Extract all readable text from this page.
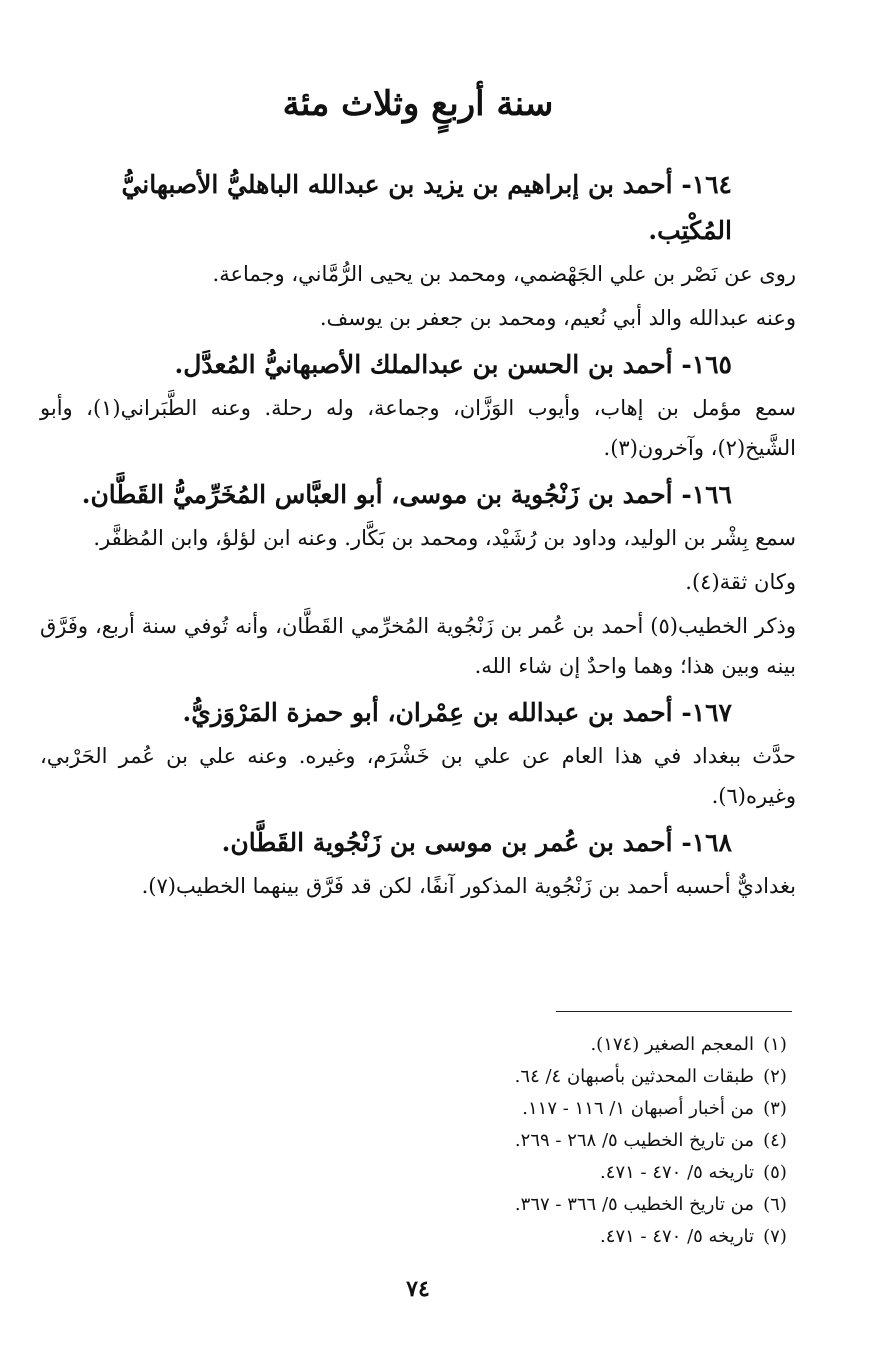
سنة أربعٍ وثلاث مئة

١٦٤- أحمد بن إبراهيم بن يزيد بن عبدالله الباهليُّ الأصبهانيُّ المُكْتِب.

روى عن نَصْر بن علي الجَهْضمي، ومحمد بن يحيى الرُّمَّاني، وجماعة.

وعنه عبدالله والد أبي نُعيم، ومحمد بن جعفر بن يوسف.

١٦٥- أحمد بن الحسن بن عبدالملك الأصبهانيُّ المُعدَّل.

سمع مؤمل بن إهاب، وأيوب الوَزَّان، وجماعة، وله رحلة. وعنه الطَّبَراني(١)، وأبو الشَّيخ(٢)، وآخرون(٣).

١٦٦- أحمد بن زَنْجُوية بن موسى، أبو العبَّاس المُخَرِّميُّ القَطَّان.

سمع بِشْر بن الوليد، وداود بن رُشَيْد، ومحمد بن بَكَّار. وعنه ابن لؤلؤ، وابن المُظفَّر.

وكان ثقة(٤).

وذكر الخطيب(٥) أحمد بن عُمر بن زَنْجُوية المُخرِّمي القَطَّان، وأنه تُوفي سنة أربع، وفَرَّق بينه وبين هذا؛ وهما واحدٌ إن شاء الله.

١٦٧- أحمد بن عبدالله بن عِمْران، أبو حمزة المَرْوَزيُّ.

حدَّث ببغداد في هذا العام عن علي بن خَشْرَم، وغيره. وعنه علي بن عُمر الحَرْبي، وغيره(٦).

١٦٨- أحمد بن عُمر بن موسى بن زَنْجُوية القَطَّان.

بغداديٌّ أحسبه أحمد بن زَنْجُوية المذكور آنفًا، لكن قد فَرَّق بينهما الخطيب(٧).

(١)
المعجم الصغير (١٧٤).
(٢)
طبقات المحدثين بأصبهان ٤/ ٦٤.
(٣)
من أخبار أصبهان ١/ ١١٦ - ١١٧.
(٤)
من تاريخ الخطيب ٥/ ٢٦٨ - ٢٦٩.
(٥)
تاريخه ٥/ ٤٧٠ - ٤٧١.
(٦)
من تاريخ الخطيب ٥/ ٣٦٦ - ٣٦٧.
(٧)
تاريخه ٥/ ٤٧٠ - ٤٧١.
٧٤
